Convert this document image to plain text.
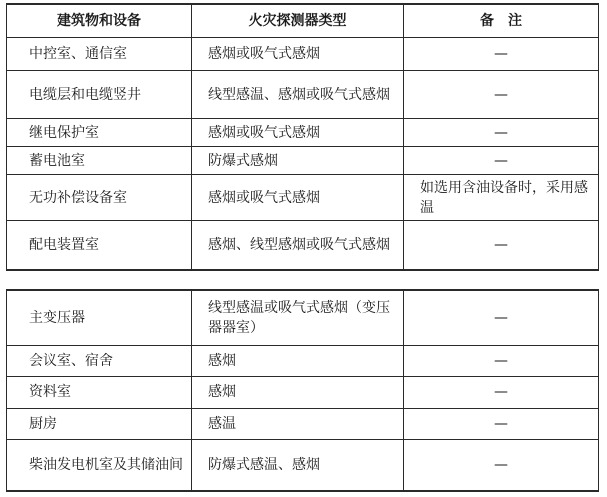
建筑物和设备	火灾探测器类型	备　注
中控室、通信室	感烟或吸气式感烟	—
电缆层和电缆竖井	线型感温、感烟或吸气式感烟	—
继电保护室	感烟或吸气式感烟	—
蓄电池室	防爆式感烟	—
无功补偿设备室	感烟或吸气式感烟	如选用含油设备时，采用感温
配电装置室	感烟、线型感烟或吸气式感烟	—
主变压器	线型感温或吸气式感烟（变压器器室）	—
会议室、宿舍	感烟	—
资料室	感烟	—
厨房	感温	—
柴油发电机室及其储油间	防爆式感温、感烟	—
